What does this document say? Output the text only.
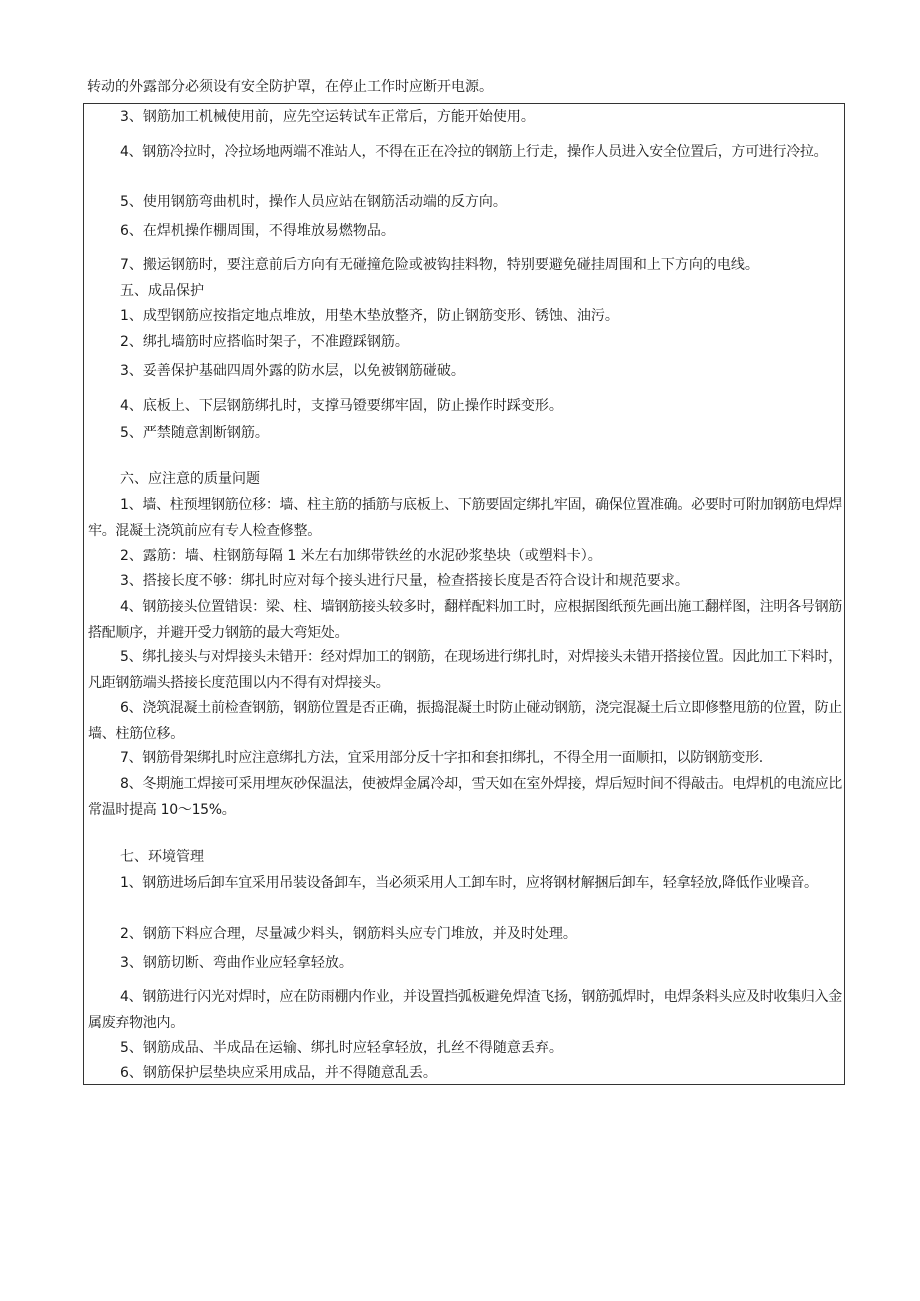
转动的外露部分必须设有安全防护罩，在停止工作时应断开电源。

3、钢筋加工机械使用前，应先空运转试车正常后，方能开始使用。

4、钢筋冷拉时，冷拉场地两端不准站人，不得在正在冷拉的钢筋上行走，操作人员进入安全位置后，方可进行冷拉。

5、使用钢筋弯曲机时，操作人员应站在钢筋活动端的反方向。

6、在焊机操作棚周围，不得堆放易燃物品。

7、搬运钢筋时，要注意前后方向有无碰撞危险或被钩挂料物，特别要避免碰挂周围和上下方向的电线。

五、成品保护

1、成型钢筋应按指定地点堆放，用垫木垫放整齐，防止钢筋变形、锈蚀、油污。

2、绑扎墙筋时应搭临时架子，不准蹬踩钢筋。

3、妥善保护基础四周外露的防水层，以免被钢筋碰破。

4、底板上、下层钢筋绑扎时，支撑马镫要绑牢固，防止操作时踩变形。

5、严禁随意割断钢筋。

六、应注意的质量问题

1、墙、柱预埋钢筋位移：墙、柱主筋的插筋与底板上、下筋要固定绑扎牢固，确保位置准确。必要时可附加钢筋电焊焊牢。混凝土浇筑前应有专人检查修整。

2、露筋：墙、柱钢筋每隔 1 米左右加绑带铁丝的水泥砂浆垫块（或塑料卡）。

3、搭接长度不够：绑扎时应对每个接头进行尺量，检查搭接长度是否符合设计和规范要求。

4、钢筋接头位置错误：梁、柱、墙钢筋接头较多时，翻样配料加工时，应根据图纸预先画出施工翻样图，注明各号钢筋搭配顺序，并避开受力钢筋的最大弯矩处。

5、绑扎接头与对焊接头未错开：经对焊加工的钢筋，在现场进行绑扎时，对焊接头未错开搭接位置。因此加工下料时，凡距钢筋端头搭接长度范围以内不得有对焊接头。

6、浇筑混凝土前检查钢筋，钢筋位置是否正确，振捣混凝土时防止碰动钢筋，浇完混凝土后立即修整甩筋的位置，防止墙、柱筋位移。

7、钢筋骨架绑扎时应注意绑扎方法，宜采用部分反十字扣和套扣绑扎，不得全用一面顺扣，以防钢筋变形.

8、冬期施工焊接可采用埋灰砂保温法，使被焊金属冷却，雪天如在室外焊接，焊后短时间不得敲击。电焊机的电流应比常温时提高 10～15%。

七、环境管理

1、钢筋进场后卸车宜采用吊装设备卸车，当必须采用人工卸车时，应将钢材解捆后卸车，轻拿轻放,降低作业噪音。

2、钢筋下料应合理，尽量减少料头，钢筋料头应专门堆放，并及时处理。

3、钢筋切断、弯曲作业应轻拿轻放。

4、钢筋进行闪光对焊时，应在防雨棚内作业，并设置挡弧板避免焊渣飞扬，钢筋弧焊时，电焊条料头应及时收集归入金属废弃物池内。

5、钢筋成品、半成品在运输、绑扎时应轻拿轻放，扎丝不得随意丢弃。

6、钢筋保护层垫块应采用成品，并不得随意乱丢。
